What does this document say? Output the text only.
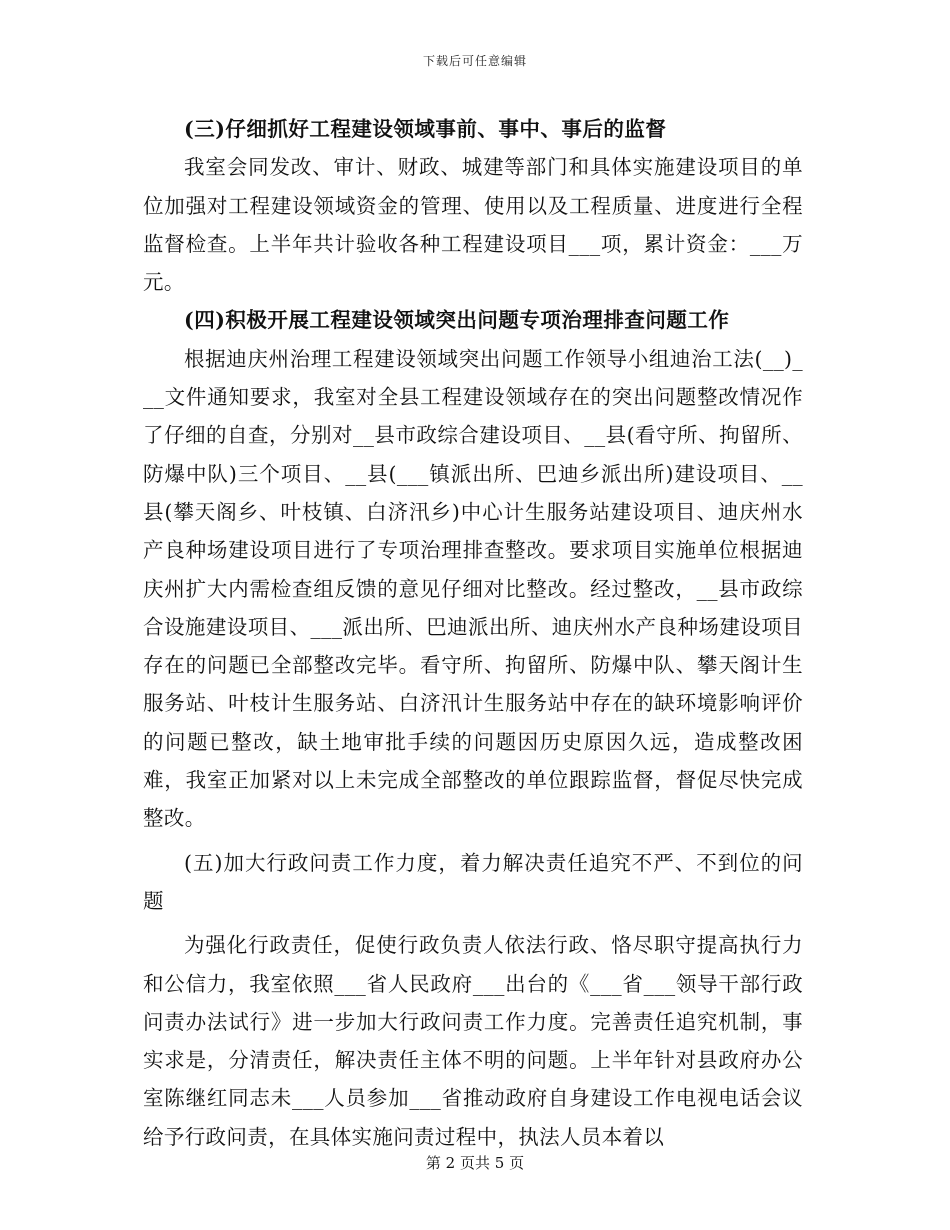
下载后可任意编辑

(三)仔细抓好工程建设领域事前、事中、事后的监督

我室会同发改、审计、财政、城建等部门和具体实施建设项目的单位加强对工程建设领域资金的管理、使用以及工程质量、进度进行全程监督检查。上半年共计验收各种工程建设项目___项，累计资金：___万元。

(四)积极开展工程建设领域突出问题专项治理排查问题工作

根据迪庆州治理工程建设领域突出问题工作领导小组迪治工法(__)___文件通知要求，我室对全县工程建设领域存在的突出问题整改情况作了仔细的自查，分别对__县市政综合建设项目、__县(看守所、拘留所、防爆中队)三个项目、__县(___镇派出所、巴迪乡派出所)建设项目、__县(攀天阁乡、叶枝镇、白济汛乡)中心计生服务站建设项目、迪庆州水产良种场建设项目进行了专项治理排查整改。要求项目实施单位根据迪庆州扩大内需检查组反馈的意见仔细对比整改。经过整改，__县市政综合设施建设项目、___派出所、巴迪派出所、迪庆州水产良种场建设项目存在的问题已全部整改完毕。看守所、拘留所、防爆中队、攀天阁计生服务站、叶枝计生服务站、白济汛计生服务站中存在的缺环境影响评价的问题已整改，缺土地审批手续的问题因历史原因久远，造成整改困难，我室正加紧对以上未完成全部整改的单位跟踪监督，督促尽快完成整改。

(五)加大行政问责工作力度，着力解决责任追究不严、不到位的问题

为强化行政责任，促使行政负责人依法行政、恪尽职守提高执行力和公信力，我室依照___省人民政府___出台的《___省___领导干部行政问责办法试行》进一步加大行政问责工作力度。完善责任追究机制，事实求是，分清责任，解决责任主体不明的问题。上半年针对县政府办公室陈继红同志未___人员参加___省推动政府自身建设工作电视电话会议给予行政问责，在具体实施问责过程中，执法人员本着以

第 2 页共 5 页
